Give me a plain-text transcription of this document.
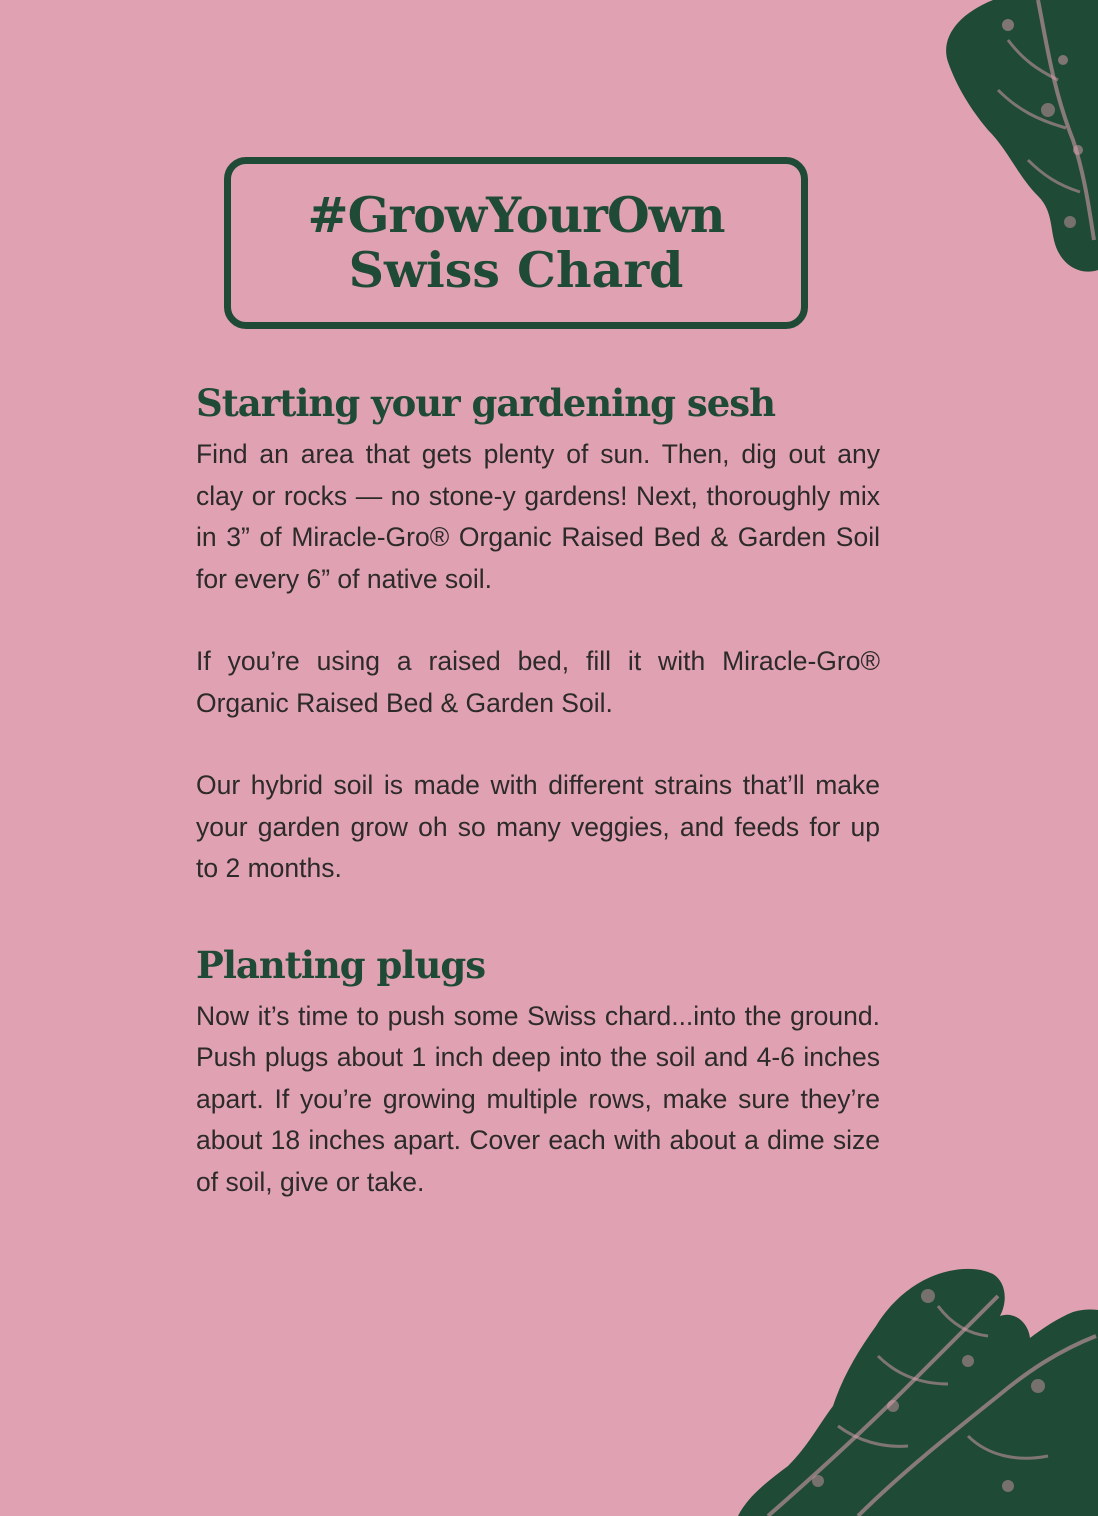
#GrowYourOwn
Swiss Chard
Starting your gardening sesh

Find an area that gets plenty of sun. Then, dig out any clay or rocks — no stone-y gardens! Next, thoroughly mix in 3” of Miracle-Gro® Organic Raised Bed & Garden Soil for every 6” of native soil.

If you’re using a raised bed, fill it with Miracle-Gro® Organic Raised Bed & Garden Soil.

Our hybrid soil is made with different strains that’ll make your garden grow oh so many veggies, and feeds for up to 2 months.

Planting plugs

Now it’s time to push some Swiss chard...into the ground. Push plugs about 1 inch deep into the soil and 4-6 inches apart. If you’re growing multiple rows, make sure they’re about 18 inches apart. Cover each with about a dime size of soil, give or take.
